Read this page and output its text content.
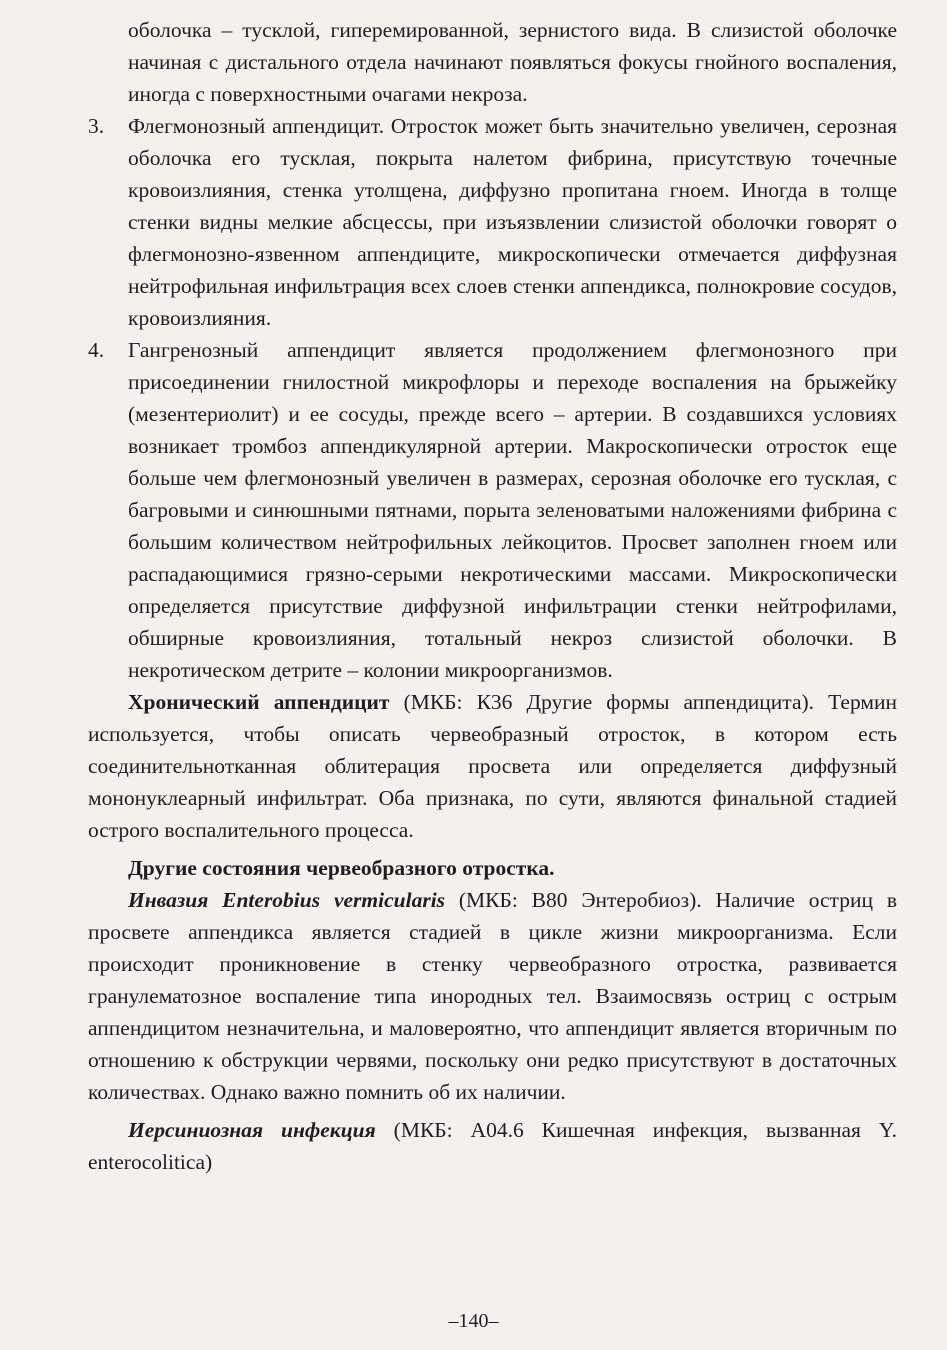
оболочка – тусклой, гиперемированной, зернистого вида. В слизистой оболочке начиная с дистального отдела начинают появляться фокусы гнойного воспаления, иногда с поверхностными очагами некроза.

3. Флегмонозный аппендицит. Отросток может быть значительно увеличен, серозная оболочка его тусклая, покрыта налетом фибрина, присутствую точечные кровоизлияния, стенка утолщена, диффузно пропитана гноем. Иногда в толще стенки видны мелкие абсцессы, при изъязвлении слизистой оболочки говорят о флегмонозно-язвенном аппендиците, микроскопически отмечается диффузная нейтрофильная инфильтрация всех слоев стенки аппендикса, полнокровие сосудов, кровоизлияния.

4. Гангренозный аппендицит является продолжением флегмонозного при присоединении гнилостной микрофлоры и переходе воспаления на брыжейку (мезентериолит) и ее сосуды, прежде всего – артерии. В создавшихся условиях возникает тромбоз аппендикулярной артерии. Макроскопически отросток еще больше чем флегмонозный увеличен в размерах, серозная оболочке его тусклая, с багровыми и синюшными пятнами, порыта зеленоватыми наложениями фибрина с большим количеством нейтрофильных лейкоцитов. Просвет заполнен гноем или распадающимися грязно-серыми некротическими массами. Микроскопически определяется присутствие диффузной инфильтрации стенки нейтрофилами, обширные кровоизлияния, тотальный некроз слизистой оболочки. В некротическом детрите – колонии микроорганизмов.

Хронический аппендицит (МКБ: К36 Другие формы аппендицита). Термин используется, чтобы описать червеобразный отросток, в котором есть соединительнотканная облитерация просвета или определяется диффузный мононуклеарный инфильтрат. Оба признака, по сути, являются финальной стадией острого воспалительного процесса.

Другие состояния червеобразного отростка.

Инвазия Enterobius vermicularis (МКБ: В80 Энтеробиоз). Наличие остриц в просвете аппендикса является стадией в цикле жизни микроорганизма. Если происходит проникновение в стенку червеобразного отростка, развивается гранулематозное воспаление типа инородных тел. Взаимосвязь остриц с острым аппендицитом незначительна, и маловероятно, что аппендицит является вторичным по отношению к обструкции червями, поскольку они редко присутствуют в достаточных количествах. Однако важно помнить об их наличии.

Иерсиниозная инфекция (МКБ: А04.6 Кишечная инфекция, вызванная Y. enterocolitica)

–140–
